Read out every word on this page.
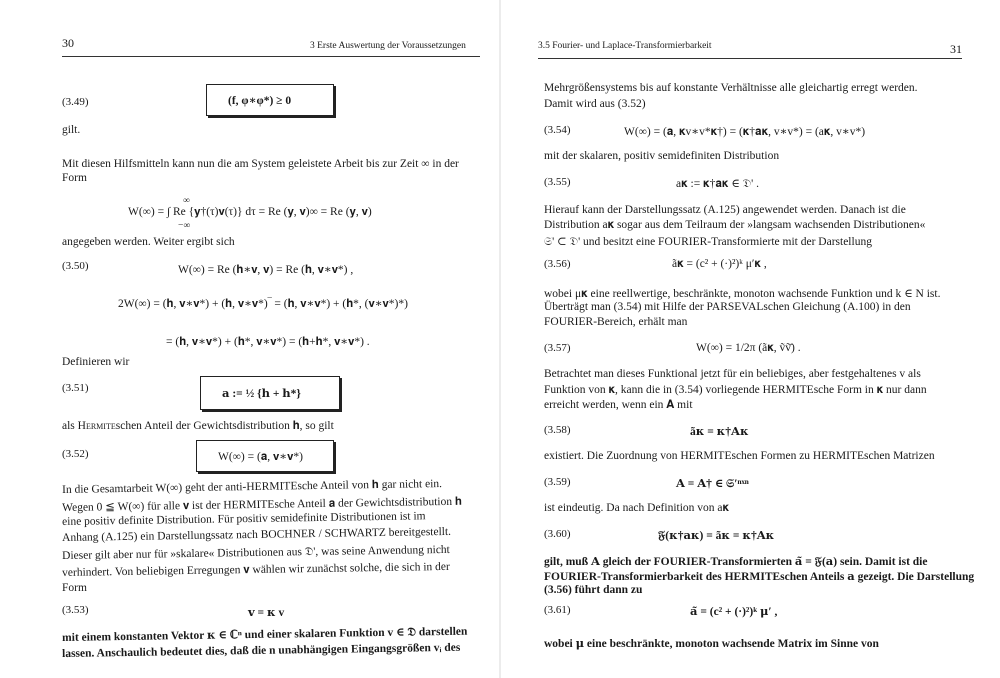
30	3 Erste Auswertung der Voraussetzungen
(3.49)	(f, φ∗φ*) ≥ 0
gilt.
Mit diesen Hilfsmitteln kann nun die am System geleistete Arbeit bis zur Zeit ∞ in der
Form
∞
W(∞) = ∫ Re {𝐲†(τ)𝐯(τ)} dτ = Re (𝐲, 𝐯)∞ = Re (𝐲, 𝐯)
−∞
angegeben werden. Weiter ergibt sich
(3.50)	W(∞) = Re (𝐡∗𝐯, 𝐯) = Re (𝐡, 𝐯∗𝐯*) ,
2W(∞) = (𝐡, 𝐯∗𝐯*) + (𝐡, 𝐯∗𝐯*)‾ = (𝐡, 𝐯∗𝐯*) + (𝐡*, (𝐯∗𝐯*)*)
= (𝐡, 𝐯∗𝐯*) + (𝐡*, 𝐯∗𝐯*) = (𝐡+𝐡*, 𝐯∗𝐯*) .
Definieren wir
(3.51)	𝐚 := ½ {𝐡 + 𝐡*}
als Hermiteschen Anteil der Gewichtsdistribution 𝐡, so gilt
(3.52)	W(∞) = (𝐚, 𝐯∗𝐯*)
In die Gesamtarbeit W(∞) geht der anti-HERMITEsche Anteil von 𝐡 gar nicht ein.
Wegen 0 ≦ W(∞) für alle 𝐯 ist der HERMITEsche Anteil 𝐚 der Gewichtsdistribution 𝐡
eine positiv definite Distribution. Für positiv semidefinite Distributionen ist im
Anhang (A.125) ein Darstellungssatz nach BOCHNER / SCHWARTZ bereitgestellt.
Dieser gilt aber nur für »skalare« Distributionen aus 𝔇', was seine Anwendung nicht
verhindert. Von beliebigen Erregungen 𝐯 wählen wir zunächst solche, die sich in der
Form
(3.53)	𝐯 = 𝛋 v
mit einem konstanten Vektor 𝛋 ∈ ℂⁿ und einer skalaren Funktion v ∈ 𝔇 darstellen
lassen. Anschaulich bedeutet dies, daß die n unabhängigen Eingangsgrößen vᵢ des
3.5 Fourier- und Laplace-Transformierbarkeit	31
Mehrgrößensystems bis auf konstante Verhältnisse alle gleichartig erregt werden.
Damit wird aus (3.52)
(3.54)	W(∞) = (𝐚, 𝛋v∗v*𝛋†) = (𝛋†𝐚𝛋, v∗v*) = (a𝛋, v∗v*)
mit der skalaren, positiv semidefiniten Distribution
(3.55)	a𝛋 := 𝛋†𝐚𝛋 ∈ 𝔇' .
Hierauf kann der Darstellungssatz (A.125) angewendet werden. Danach ist die
Distribution a𝛋 sogar aus dem Teilraum der »langsam wachsenden Distributionen«
𝔖' ⊂ 𝔇' und besitzt eine FOURIER-Transformierte mit der Darstellung
(3.56)	ã𝛋 = (c² + (·)²)ᵏ μ′𝛋 ,
wobei μ𝛋 eine reellwertige, beschränkte, monoton wachsende Funktion und k ∈ N ist.
Überträgt man (3.54) mit Hilfe der PARSEVALschen Gleichung (A.100) in den
FOURIER-Bereich, erhält man
(3.57)	W(∞) = 1/2π (ã𝛋, ṽṽ̄) .
Betrachtet man dieses Funktional jetzt für ein beliebiges, aber festgehaltenes v als
Funktion von 𝛋, kann die in (3.54) vorliegende HERMITEsche Form in 𝛋 nur dann
erreicht werden, wenn ein 𝐀 mit
(3.58)	ã𝛋 = 𝛋†𝐀𝛋
existiert. Die Zuordnung von HERMITEschen Formen zu HERMITEschen Matrizen
(3.59)	𝐀 = 𝐀† ∈ 𝔖′ⁿˣⁿ
ist eindeutig. Da nach Definition von a𝛋
(3.60)	𝔉(𝛋†𝐚𝛋) = ã𝛋 = 𝛋†𝐀𝛋
gilt, muß 𝐀 gleich der FOURIER-Transformierten 𝐚̃ = 𝔉(𝐚) sein. Damit ist die
FOURIER-Transformierbarkeit des HERMITEschen Anteils 𝐚 gezeigt. Die Darstellung
(3.56) führt dann zu
(3.61)	𝐚̃ = (c² + (·)²)ᵏ 𝛍′ ,
wobei 𝛍 eine beschränkte, monoton wachsende Matrix im Sinne von
